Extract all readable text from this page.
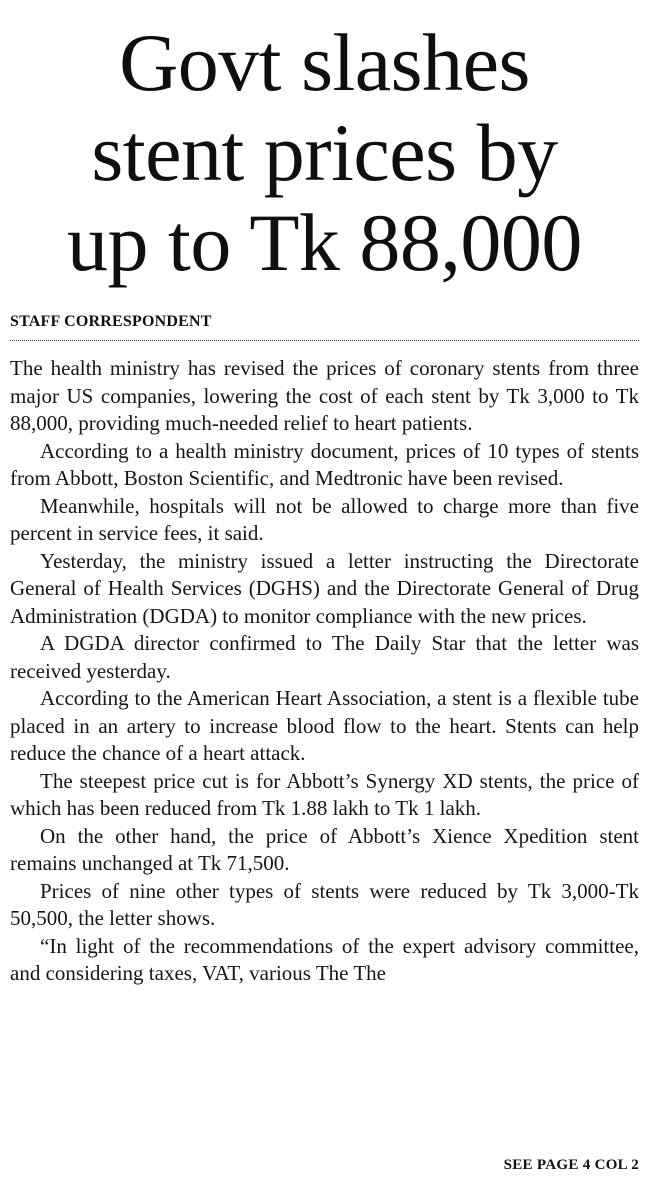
Govt slashes
stent prices by
up to Tk 88,000
STAFF CORRESPONDENT

The health ministry has revised the prices of coronary stents from three major US companies, lowering the cost of each stent by Tk 3,000 to Tk 88,000, providing much-needed relief to heart patients.

According to a health ministry document, prices of 10 types of stents from Abbott, Boston Scientific, and Medtronic have been revised.

Meanwhile, hospitals will not be allowed to charge more than five percent in service fees, it said.

Yesterday, the ministry issued a letter instructing the Directorate General of Health Services (DGHS) and the Directorate General of Drug Administration (DGDA) to monitor compliance with the new prices.

A DGDA director confirmed to The Daily Star that the letter was received yesterday.

According to the American Heart Association, a stent is a flexible tube placed in an artery to increase blood flow to the heart. Stents can help reduce the chance of a heart attack.

The steepest price cut is for Abbott’s Synergy XD stents, the price of which has been reduced from Tk 1.88 lakh to Tk 1 lakh.

On the other hand, the price of Abbott’s Xience Xpedition stent remains unchanged at Tk 71,500.

Prices of nine other types of stents were reduced by Tk 3,000-Tk 50,500, the letter shows.

“In light of the recommendations of the expert advisory committee, and considering taxes, VAT, various The The

SEE PAGE 4 COL 2
